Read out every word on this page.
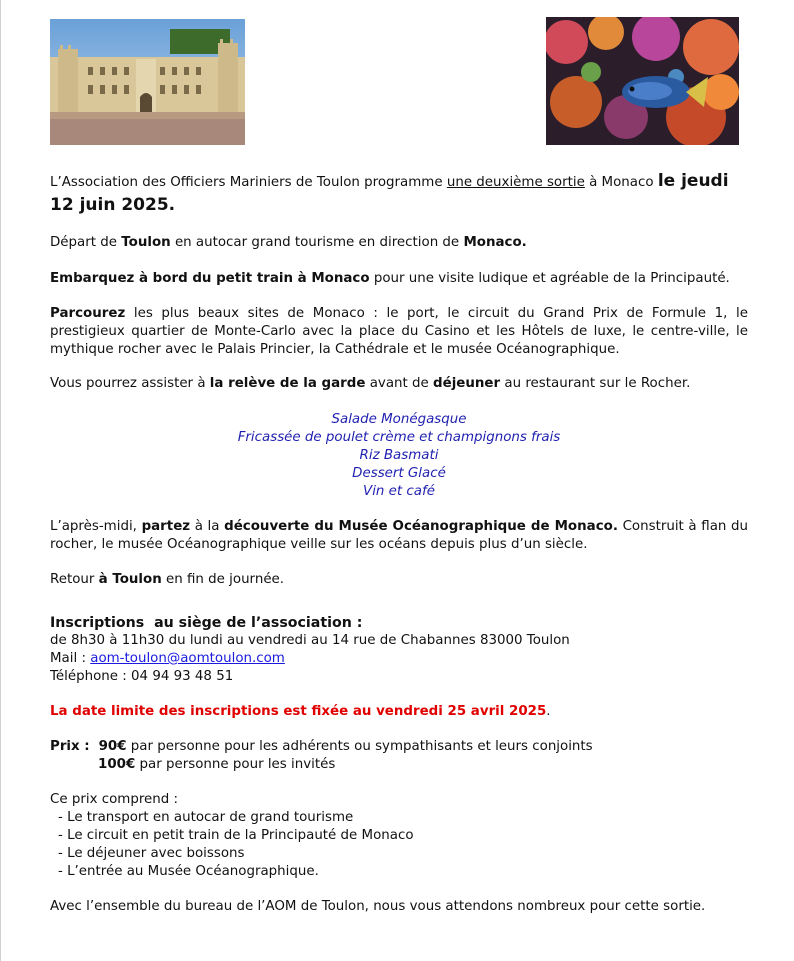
L’Association des Officiers Mariniers de Toulon programme une deuxième sortie à Monaco le jeudi 12 juin 2025.

Départ de Toulon en autocar grand tourisme en direction de Monaco.

Embarquez à bord du petit train à Monaco pour une visite ludique et agréable de la Principauté.

Parcourez les plus beaux sites de Monaco : le port, le circuit du Grand Prix de Formule 1, le prestigieux quartier de Monte-Carlo avec la place du Casino et les Hôtels de luxe, le centre-ville, le mythique rocher avec le Palais Princier, la Cathédrale et le musée Océanographique.

Vous pourrez assister à la relève de la garde avant de déjeuner au restaurant sur le Rocher.

Salade Monégasque

Fricassée de poulet crème et champignons frais

Riz Basmati

Dessert Glacé

Vin et café

L’après-midi, partez à la découverte du Musée Océanographique de Monaco. Construit à flan du rocher, le musée Océanographique veille sur les océans depuis plus d’un siècle.

Retour à Toulon en fin de journée.

Inscriptions  au siège de l’association :

de 8h30 à 11h30 du lundi au vendredi au 14 rue de Chabannes 83000 Toulon

Mail : aom-toulon@aomtoulon.com

Téléphone : 04 94 93 48 51

La date limite des inscriptions est fixée au vendredi 25 avril 2025.

Prix :  90€ par personne pour les adhérents ou sympathisants et leurs conjoints

100€ par personne pour les invités

Ce prix comprend :

- Le transport en autocar de grand tourisme

- Le circuit en petit train de la Principauté de Monaco

- Le déjeuner avec boissons

- L’entrée au Musée Océanographique.

Avec l’ensemble du bureau de l’AOM de Toulon, nous vous attendons nombreux pour cette sortie.
